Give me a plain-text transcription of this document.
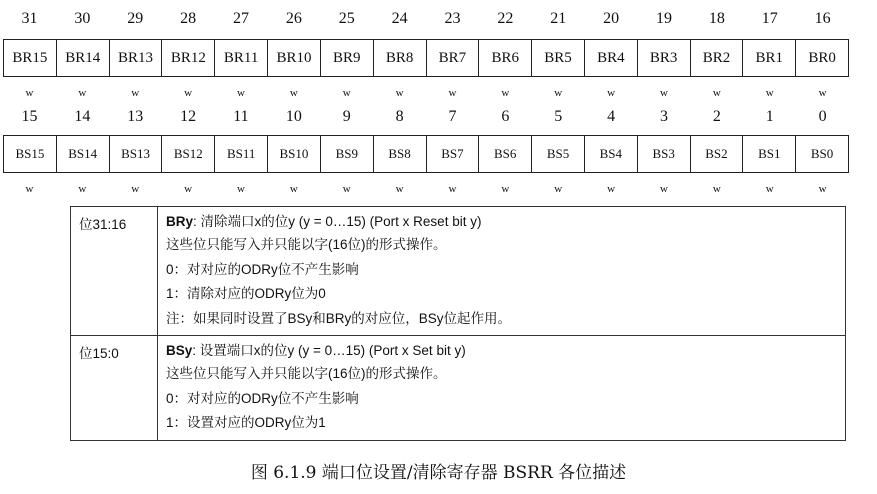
31	30	29	28	27	26	25	24	23	22	21	20	19	18	17	16
BR15	BR14	BR13	BR12	BR11	BR10	BR9	BR8	BR7	BR6	BR5	BR4	BR3	BR2	BR1	BR0
w	w	w	w	w	w	w	w	w	w	w	w	w	w	w	w
15	14	13	12	11	10	9	8	7	6	5	4	3	2	1	0
BS15	BS14	BS13	BS12	BS11	BS10	BS9	BS8	BS7	BS6	BS5	BS4	BS3	BS2	BS1	BS0
w	w	w	w	w	w	w	w	w	w	w	w	w	w	w	w
位31:16	BRy: 清除端口x的位y (y = 0…15) (Port x Reset bit y)
这些位只能写入并只能以字(16位)的形式操作。
0：对对应的ODRy位不产生影响
1：清除对应的ODRy位为0
注：如果同时设置了BSy和BRy的对应位，BSy位起作用。

位15:0	BSy: 设置端口x的位y (y = 0…15) (Port x Set bit y)
这些位只能写入并只能以字(16位)的形式操作。
0：对对应的ODRy位不产生影响
1：设置对应的ODRy位为1
图 6.1.9 端口位设置/清除寄存器 BSRR 各位描述
